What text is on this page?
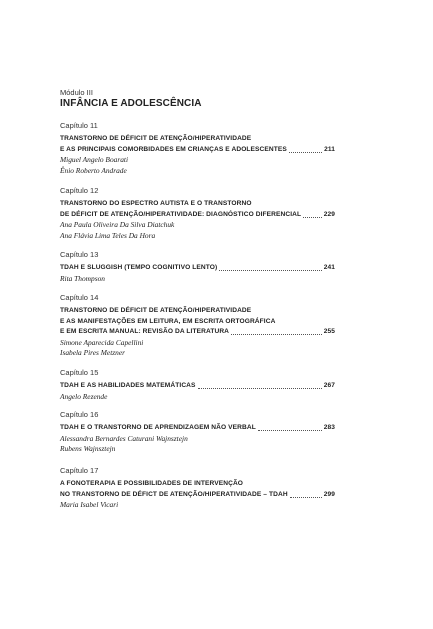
Módulo III
INFÂNCIA E ADOLESCÊNCIA
Capítulo 11
TRANSTORNO DE DÉFICIT DE ATENÇÃO/HIPERATIVIDADE
E AS PRINCIPAIS COMORBIDADES EM CRIANÇAS E ADOLESCENTES	211
Miguel Angelo Boarati
Ênio Roberto Andrade
Capítulo 12
TRANSTORNO DO ESPECTRO AUTISTA E O TRANSTORNO
DE DÉFICIT DE ATENÇÃO/HIPERATIVIDADE: DIAGNÓSTICO DIFERENCIAL	229
Ana Paula Oliveira Da Silva Diatchuk
Ana Flávia Lima Teles Da Hora
Capítulo 13
TDAH E SLUGGISH (TEMPO COGNITIVO LENTO)	241
Rita Thompson
Capítulo 14
TRANSTORNO DE DÉFICIT DE ATENÇÃO/HIPERATIVIDADE
E AS MANIFESTAÇÕES EM LEITURA, EM ESCRITA ORTOGRÁFICA
E EM ESCRITA MANUAL: REVISÃO DA LITERATURA	255
Simone Aparecida Capellini
Isabela Pires Metzner
Capítulo 15
TDAH E AS HABILIDADES MATEMÁTICAS	267
Angelo Rezende
Capítulo 16
TDAH E O TRANSTORNO DE APRENDIZAGEM NÃO VERBAL	283
Alessandra Bernardes Caturani Wajnsztejn
Rubens Wajnsztejn
Capítulo 17
A FONOTERAPIA E POSSIBILIDADES DE INTERVENÇÃO
NO TRANSTORNO DE DÉFICT DE ATENÇÃO/HIPERATIVIDADE – TDAH	299
Maria Isabel Vicari
